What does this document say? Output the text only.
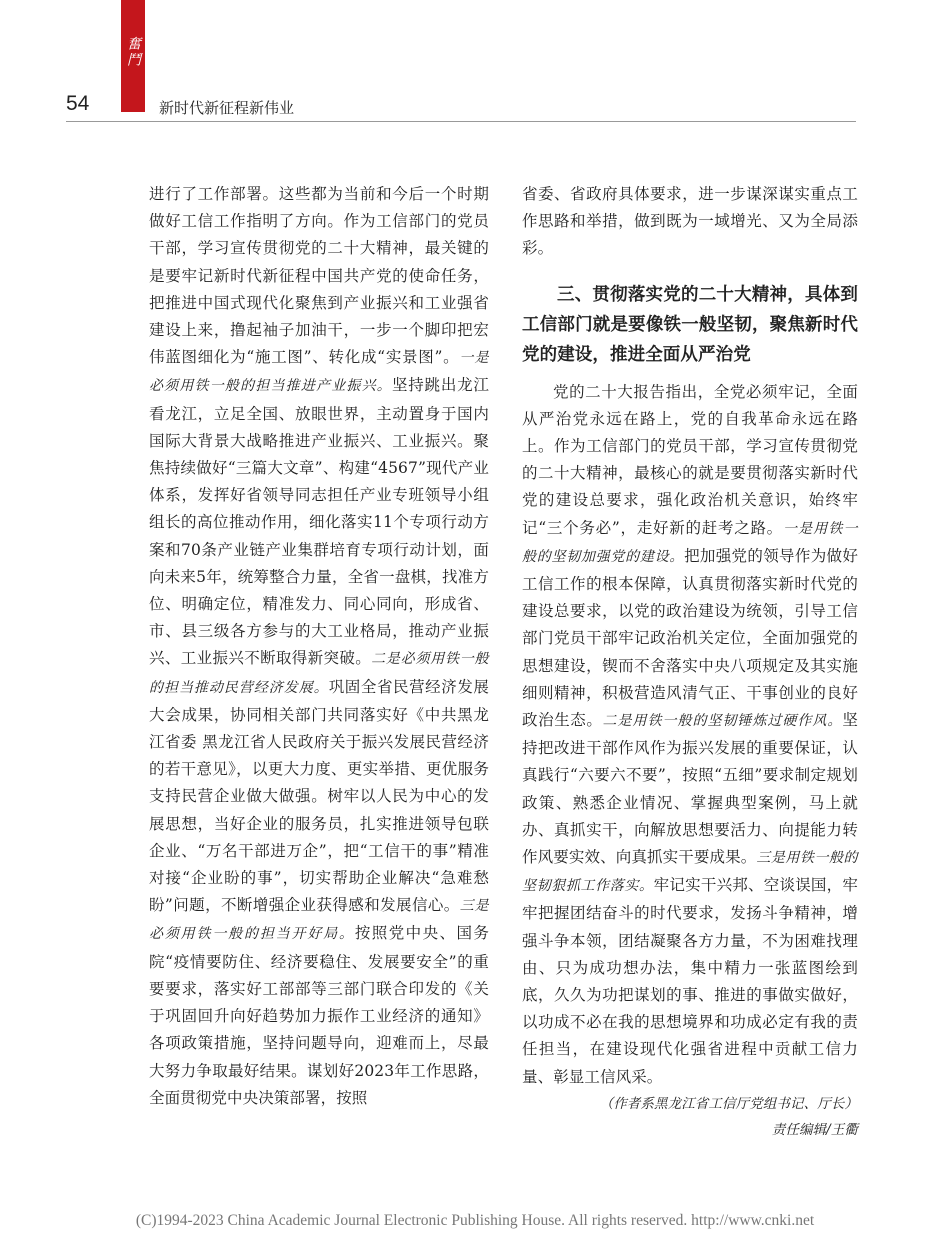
奮鬥
54	新时代新征程新伟业

进行了工作部署。这些都为当前和今后一个时期做好工信工作指明了方向。作为工信部门的党员干部，学习宣传贯彻党的二十大精神，最关键的是要牢记新时代新征程中国共产党的使命任务，把推进中国式现代化聚焦到产业振兴和工业强省建设上来，撸起袖子加油干，一步一个脚印把宏伟蓝图细化为“施工图”、转化成“实景图”。一是必须用铁一般的担当推进产业振兴。坚持跳出龙江看龙江，立足全国、放眼世界，主动置身于国内国际大背景大战略推进产业振兴、工业振兴。聚焦持续做好“三篇大文章”、构建“4567”现代产业体系，发挥好省领导同志担任产业专班领导小组组长的高位推动作用，细化落实11个专项行动方案和70条产业链产业集群培育专项行动计划，面向未来5年，统筹整合力量，全省一盘棋，找准方位、明确定位，精准发力、同心同向，形成省、市、县三级各方参与的大工业格局，推动产业振兴、工业振兴不断取得新突破。二是必须用铁一般的担当推动民营经济发展。巩固全省民营经济发展大会成果，协同相关部门共同落实好《中共黑龙江省委 黑龙江省人民政府关于振兴发展民营经济的若干意见》，以更大力度、更实举措、更优服务支持民营企业做大做强。树牢以人民为中心的发展思想，当好企业的服务员，扎实推进领导包联企业、“万名干部进万企”，把“工信干的事”精准对接“企业盼的事”，切实帮助企业解决“急难愁盼”问题，不断增强企业获得感和发展信心。三是必须用铁一般的担当开好局。按照党中央、国务院“疫情要防住、经济要稳住、发展要安全”的重要要求，落实好工部部等三部门联合印发的《关于巩固回升向好趋势加力振作工业经济的通知》各项政策措施，坚持问题导向，迎难而上，尽最大努力争取最好结果。谋划好2023年工作思路，全面贯彻党中央决策部署，按照

省委、省政府具体要求，进一步谋深谋实重点工作思路和举措，做到既为一域增光、又为全局添彩。

三、贯彻落实党的二十大精神，具体到工信部门就是要像铁一般坚韧，聚焦新时代党的建设，推进全面从严治党

党的二十大报告指出，全党必须牢记，全面从严治党永远在路上，党的自我革命永远在路上。作为工信部门的党员干部，学习宣传贯彻党的二十大精神，最核心的就是要贯彻落实新时代党的建设总要求，强化政治机关意识，始终牢记“三个务必”，走好新的赶考之路。一是用铁一般的坚韧加强党的建设。把加强党的领导作为做好工信工作的根本保障，认真贯彻落实新时代党的建设总要求，以党的政治建设为统领，引导工信部门党员干部牢记政治机关定位，全面加强党的思想建设，锲而不舍落实中央八项规定及其实施细则精神，积极营造风清气正、干事创业的良好政治生态。二是用铁一般的坚韧锤炼过硬作风。坚持把改进干部作风作为振兴发展的重要保证，认真践行“六要六不要”，按照“五细”要求制定规划政策、熟悉企业情况、掌握典型案例，马上就办、真抓实干，向解放思想要活力、向提能力转作风要实效、向真抓实干要成果。三是用铁一般的坚韧狠抓工作落实。牢记实干兴邦、空谈误国，牢牢把握团结奋斗的时代要求，发扬斗争精神，增强斗争本领，团结凝聚各方力量，不为困难找理由、只为成功想办法，集中精力一张蓝图绘到底，久久为功把谋划的事、推进的事做实做好，以功成不必在我的思想境界和功成必定有我的责任担当，在建设现代化强省进程中贡献工信力量、彰显工信风采。

（作者系黑龙江省工信厅党组书记、厅长）
责任编辑/王衢
(C)1994-2023 China Academic Journal Electronic Publishing House. All rights reserved. http://www.cnki.net
